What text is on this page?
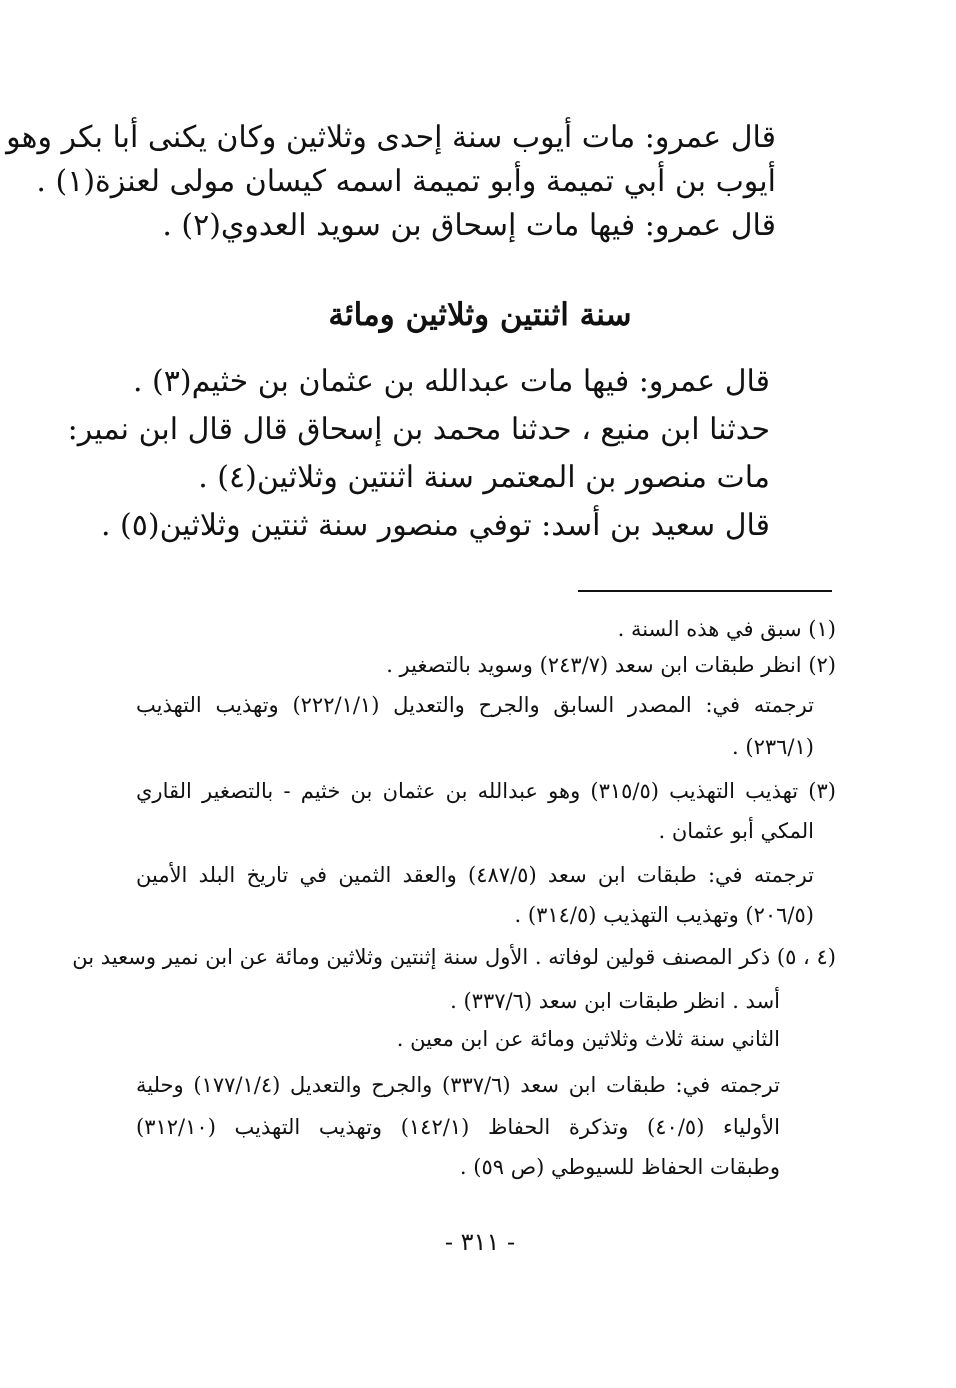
قال عمرو: مات أيوب سنة إحدى وثلاثين وكان يكنى أبا بكر وهو
أيوب بن أبي تميمة وأبو تميمة اسمه كيسان مولى لعنزة(١) .
قال عمرو: فيها مات إسحاق بن سويد العدوي(٢) .
سنة اثنتين وثلاثين ومائة
قال عمرو: فيها مات عبدالله بن عثمان بن خثيم(٣) .
حدثنا ابن منيع ، حدثنا محمد بن إسحاق قال قال ابن نمير:
مات منصور بن المعتمر سنة اثنتين وثلاثين(٤) .
قال سعيد بن أسد: توفي منصور سنة ثنتين وثلاثين(٥) .
(١) سبق في هذه السنة .
(٢) انظر طبقات ابن سعد (٢٤٣/٧) وسويد بالتصغير .
ترجمته في: المصدر السابق والجرح والتعديل (٢٢٢/١/١) وتهذيب التهذيب
(٢٣٦/١) .
(٣) تهذيب التهذيب (٣١٥/٥) وهو عبدالله بن عثمان بن خثيم - بالتصغير القاري
المكي أبو عثمان .
ترجمته في: طبقات ابن سعد (٤٨٧/٥) والعقد الثمين في تاريخ البلد الأمين
(٢٠٦/٥) وتهذيب التهذيب (٣١٤/٥) .
(٤ ، ٥) ذكر المصنف قولين لوفاته . الأول سنة إثنتين وثلاثين ومائة عن ابن نمير وسعيد بن
أسد . انظر طبقات ابن سعد (٣٣٧/٦) .
الثاني سنة ثلاث وثلاثين ومائة عن ابن معين .
ترجمته في: طبقات ابن سعد (٣٣٧/٦) والجرح والتعديل (١٧٧/١/٤) وحلية
الأولياء (٤٠/٥) وتذكرة الحفاظ (١٤٢/١) وتهذيب التهذيب (٣١٢/١٠)
وطبقات الحفاظ للسيوطي (ص ٥٩) .
- ٣١١ -
